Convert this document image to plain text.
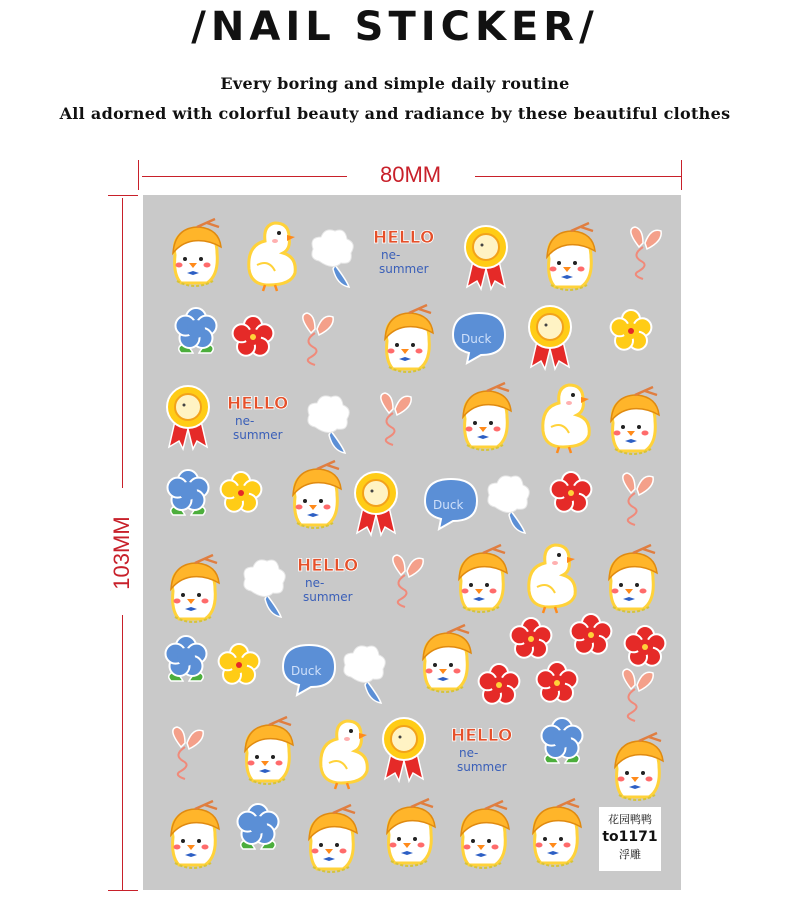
/NAIL STICKER/
Every boring and simple daily routine
All adorned with colorful beauty and radiance by these beautiful clothes
80MM
103MM
HELLO
ne-
summer
HELLO
ne-
summer
HELLO
ne-
summer
HELLO
ne-
summer
Duck
Duck
Duck
花园鸭鸭
to1171
浮雕
